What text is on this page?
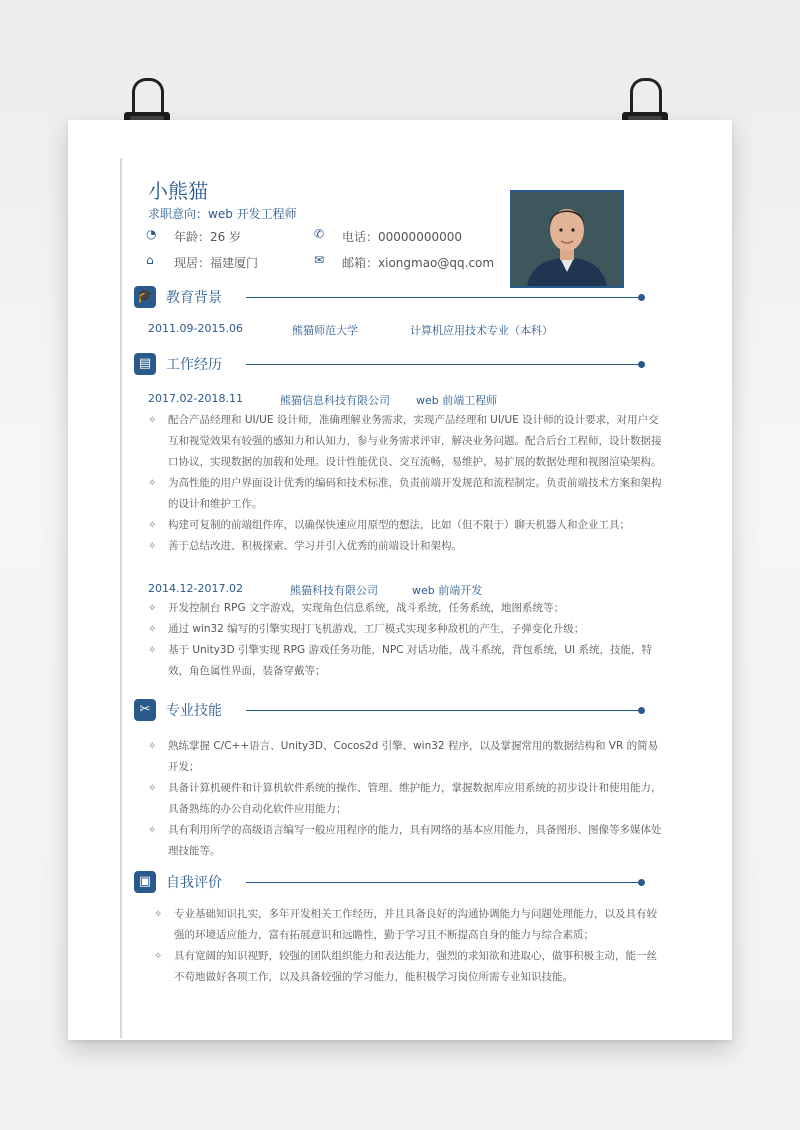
小熊猫
求职意向：web 开发工程师
◔ 年龄：26 岁	✆ 电话：00000000000
⌂ 现居：福建厦门	✉ 邮箱：xiongmao@qq.com
🎓 教育背景
2011.09-2015.06	熊猫师范大学	计算机应用技术专业（本科）
▤	工作经历
2017.02-2018.11	熊猫信息科技有限公司 web 前端工程师
✧ 配合产品经理和 UI/UE 设计师，准确理解业务需求，实现产品经理和 UI/UE 设计师的设计要求，对用户交互和视觉效果有较强的感知力和认知力，参与业务需求评审，解决业务问题。配合后台工程师，设计数据接口协议，实现数据的加载和处理。设计性能优良、交互流畅，易维护、易扩展的数据处理和视图渲染架构。
✧ 为高性能的用户界面设计优秀的编码和技术标准，负责前端开发规范和流程制定。负责前端技术方案和架构的设计和维护工作。
✧ 构建可复制的前端组件库，以确保快速应用原型的想法，比如（但不限于）聊天机器人和企业工具；
✧ 善于总结改进、积极探索、学习并引入优秀的前端设计和架构。
2014.12-2017.02	熊猫科技有限公司	web 前端开发
✧ 开发控制台 RPG 文字游戏，实现角色信息系统，战斗系统，任务系统，地图系统等；
✧ 通过 win32 编写的引擎实现打飞机游戏，工厂模式实现多种敌机的产生，子弹变化升级；
✧ 基于 Unity3D 引擎实现 RPG 游戏任务功能，NPC 对话功能，战斗系统，背包系统，UI 系统，技能，特效，角色属性界面，装备穿戴等；
✂	专业技能
✧ 熟练掌握 C/C++语言、Unity3D、Cocos2d 引擎、win32 程序，以及掌握常用的数据结构和 VR 的简易开发；
✧ 具备计算机硬件和计算机软件系统的操作、管理、维护能力，掌握数据库应用系统的初步设计和使用能力，具备熟练的办公自动化软件应用能力；
✧ 具有利用所学的高级语言编写一般应用程序的能力，具有网络的基本应用能力，具备图形、图像等多媒体处理技能等。
▣	自我评价
✧ 专业基础知识扎实，多年开发相关工作经历，并且具备良好的沟通协调能力与问题处理能力，以及具有较强的环境适应能力，富有拓展意识和远瞻性，勤于学习且不断提高自身的能力与综合素质；
✧ 具有宽阔的知识视野，较强的团队组织能力和表达能力，强烈的求知欲和进取心，做事积极主动，能一丝不苟地做好各项工作，以及具备较强的学习能力，能积极学习岗位所需专业知识技能。
